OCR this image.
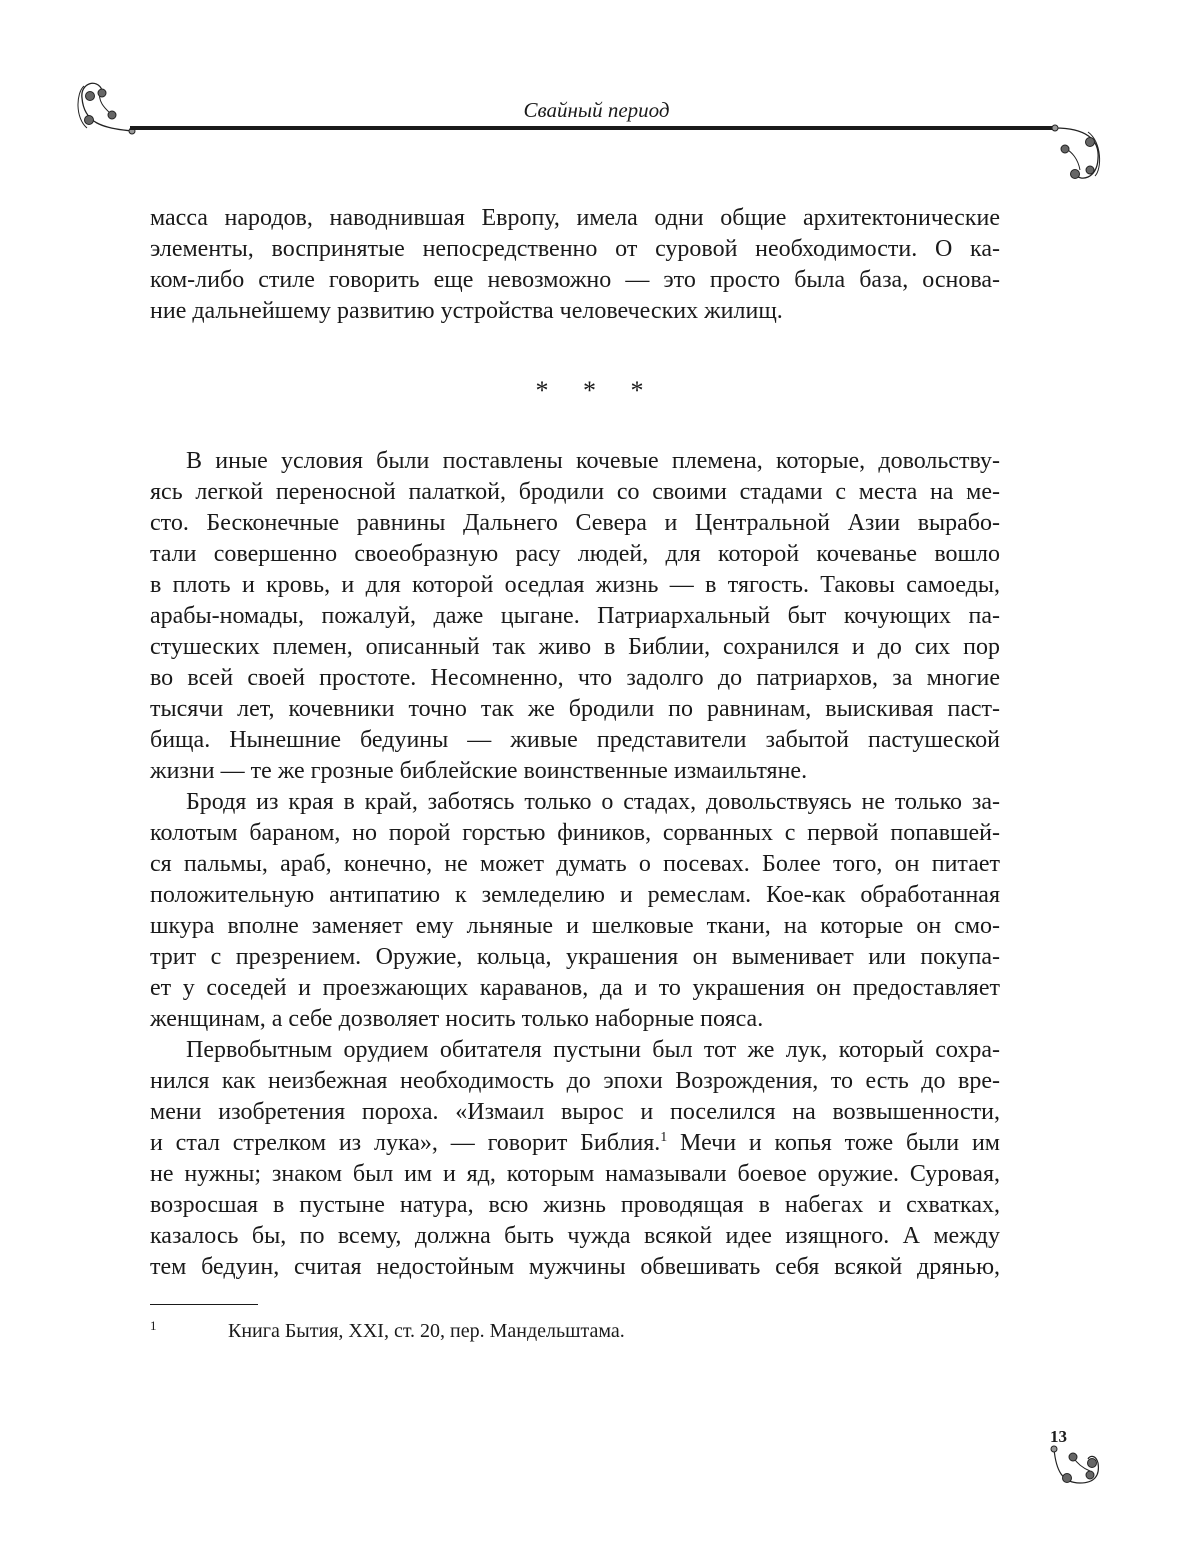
Свайный период
масса народов, наводнившая Европу, имела одни общие архитектонические
элементы, воспринятые непосредственно от суровой необходимости. О ка-
ком-либо стиле говорить еще невозможно — это просто была база, основа-
ние дальнейшему развитию устройства человеческих жилищ.
В иные условия были поставлены кочевые племена, которые, довольству-
ясь легкой переносной палаткой, бродили со своими стадами с места на ме-
сто. Бесконечные равнины Дальнего Севера и Центральной Азии вырабо-
тали совершенно своеобразную расу людей, для которой кочеванье вошло
в плоть и кровь, и для которой оседлая жизнь — в тягость. Таковы самоеды,
арабы-номады, пожалуй, даже цыгане. Патриархальный быт кочующих па-
стушеских племен, описанный так живо в Библии, сохранился и до сих пор
во всей своей простоте. Несомненно, что задолго до патриархов, за многие
тысячи лет, кочевники точно так же бродили по равнинам, выискивая паст-
бища. Нынешние бедуины — живые представители забытой пастушеской
жизни — те же грозные библейские воинственные измаильтяне.
Бродя из края в край, заботясь только о стадах, довольствуясь не только за-
колотым бараном, но порой горстью фиников, сорванных с первой попавшей-
ся пальмы, араб, конечно, не может думать о посевах. Более того, он питает
положительную антипатию к земледелию и ремеслам. Кое-как обработанная
шкура вполне заменяет ему льняные и шелковые ткани, на которые он смо-
трит с презрением. Оружие, кольца, украшения он выменивает или покупа-
ет у соседей и проезжающих караванов, да и то украшения он предоставляет
женщинам, а себе дозволяет носить только наборные пояса.
Первобытным орудием обитателя пустыни был тот же лук, который сохра-
нился как неизбежная необходимость до эпохи Возрождения, то есть до вре-
мени изобретения пороха. «Измаил вырос и поселился на возвышенности,
и стал стрелком из лука», — говорит Библия.$^1$ Мечи и копья тоже были им
не нужны; знаком был им и яд, которым намазывали боевое оружие. Суровая,
возросшая в пустыне натура, всю жизнь проводящая в набегах и схватках,
казалось бы, по всему, должна быть чужда всякой идее изящного. А между
тем бедуин, считая недостойным мужчины обвешивать себя всякой дрянью,
* * *
1	Книга Бытия, XXI, ст. 20, пер. Мандельштама.
13
